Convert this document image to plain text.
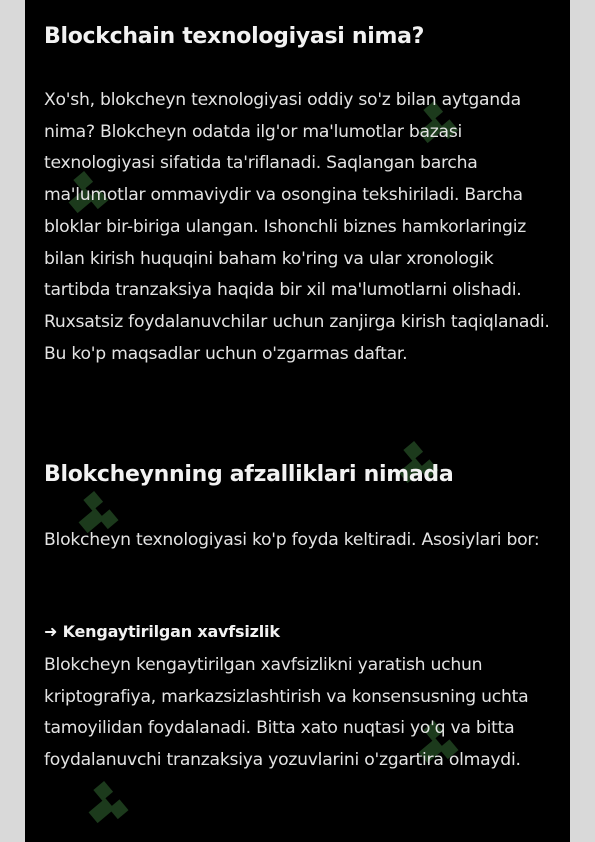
Blockchain texnologiyasi nima?

Xo'sh, blokcheyn texnologiyasi oddiy so'z bilan aytganda nima? Blokcheyn odatda ilg'or ma'lumotlar bazasi texnologiyasi sifatida ta'riflanadi. Saqlangan barcha ma'lumotlar ommaviydir va osongina tekshiriladi. Barcha bloklar bir-biriga ulangan. Ishonchli biznes hamkorlaringiz bilan kirish huquqini baham ko'ring va ular xronologik tartibda tranzaksiya haqida bir xil ma'lumotlarni olishadi. Ruxsatsiz foydalanuvchilar uchun zanjirga kirish taqiqlanadi. Bu ko'p maqsadlar uchun o'zgarmas daftar.

Blokcheynning afzalliklari nimada

Blokcheyn texnologiyasi ko'p foyda keltiradi. Asosiylari bor:

➜ Kengaytirilgan xavfsizlik

Blokcheyn kengaytirilgan xavfsizlikni yaratish uchun kriptografiya, markazsizlashtirish va konsensusning uchta tamoyilidan foydalanadi. Bitta xato nuqtasi yo'q va bitta foydalanuvchi tranzaksiya yozuvlarini o'zgartira olmaydi.
